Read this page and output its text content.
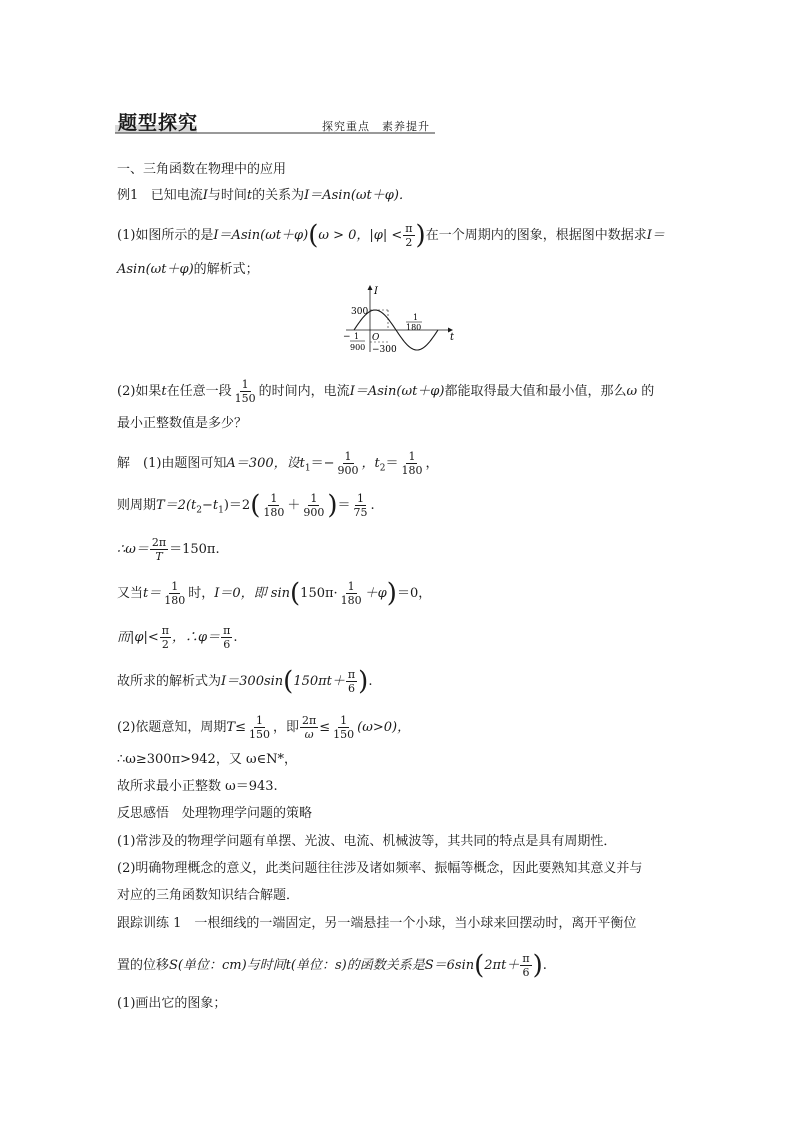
题型探究	探究重点　素养提升
一、三角函数在物理中的应用
例1 已知电流I与时间t的关系为I＝Asin(ωt＋φ)．
(1)如图所示的是I＝Asin(ωt＋φ)(ω > 0，$|\varphi| < \frac{\pi}{2}$ )在一个周期内的图象，根据图中数据求I＝
Asin(ωt＋φ)的解析式；
I
t
O
300
−300
− 1
900
1
180
(2)如果t在任意一段 $\frac{1}{150}$ 的时间内，电流I＝Asin(ωt＋φ)都能取得最大值和最小值，那么ω 的
最小正整数值是多少？
解　(1)由题图可知A＝300，设$t_1=- \frac{1}{900}$ ，$t_2= \frac{1}{180}$ ，
则周期$T=2(t_2-t_1)=2( \frac{1}{180} + \frac{1}{900}$ )＝ $\frac{1}{75}$ .
∴ω＝ $\frac{2\pi}{T} =150\pi$.
又当$t= \frac{1}{180}$ 时，I＝0，即 $\sin(150\pi\cdot \frac{1}{180} +\varphi)=0$，
而$|\varphi|< \frac{\pi}{2}$ ，∴φ＝ $\frac{\pi}{6}$ .
故所求的解析式为$I=300\sin(150\pi t+ \frac{\pi}{6}$ ).
(2)依题意知，周期$T\le \frac{1}{150}$ ，即 $\frac{2\pi}{\omega} \le \frac{1}{150} (\omega>0)$，
∴ω≥300π>942，又 ω∈N*，
故所求最小正整数 ω＝943.
反思感悟　处理物理学问题的策略
(1)常涉及的物理学问题有单摆、光波、电流、机械波等，其共同的特点是具有周期性．
(2)明确物理概念的意义，此类问题往往涉及诸如频率、振幅等概念，因此要熟知其意义并与
对应的三角函数知识结合解题．
跟踪训练 1　一根细线的一端固定，另一端悬挂一个小球，当小球来回摆动时，离开平衡位
置的位移S(单位：cm)与时间t(单位：s)的函数关系是$S=6\sin(2\pi t+ \frac{\pi}{6}$ ).
(1)画出它的图象；
